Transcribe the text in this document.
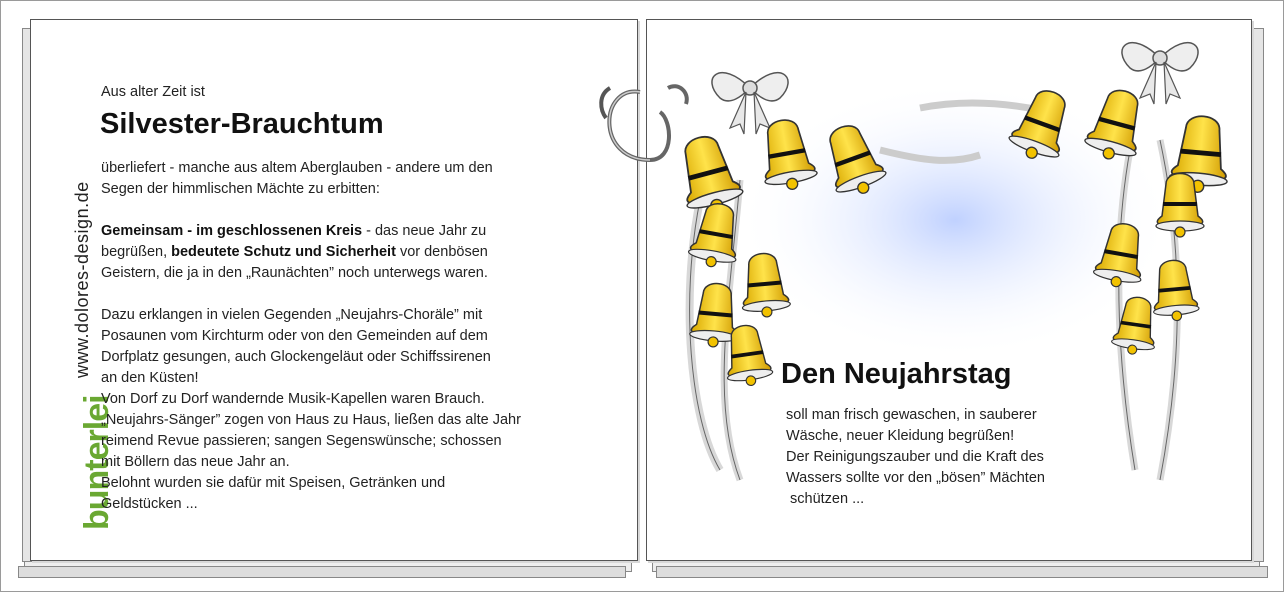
www.dolores-design.de
bunterlei
Aus alter Zeit ist
Silvester-Brauchtum

überliefert - manche aus altem Aberglauben - andere um den

Segen der himmlischen Mächte zu erbitten:

Gemeinsam - im geschlossenen Kreis - das neue Jahr zu

begrüßen, bedeutete Schutz und Sicherheit vor denbösen

Geistern, die ja in den „Raunächten” noch unterwegs waren.

Dazu erklangen in vielen Gegenden „Neujahrs-Choräle” mit

Posaunen vom Kirchturm oder von den Gemeinden auf dem

Dorfplatz gesungen, auch Glockengeläut oder Schiffssirenen

an den Küsten!

Von Dorf zu Dorf wandernde Musik-Kapellen waren Brauch.

„Neujahrs-Sänger” zogen von Haus zu Haus, ließen das alte Jahr

reimend Revue passieren; sangen Segenswünsche; schossen

mit Böllern das neue Jahr an.

Belohnt wurden sie dafür mit Speisen, Getränken und

Geldstücken ...

Den Neujahrstag

soll man frisch gewaschen, in sauberer

Wäsche, neuer Kleidung begrüßen!

Der Reinigungszauber und die Kraft des

Wassers sollte vor den „bösen” Mächten

schützen ...
